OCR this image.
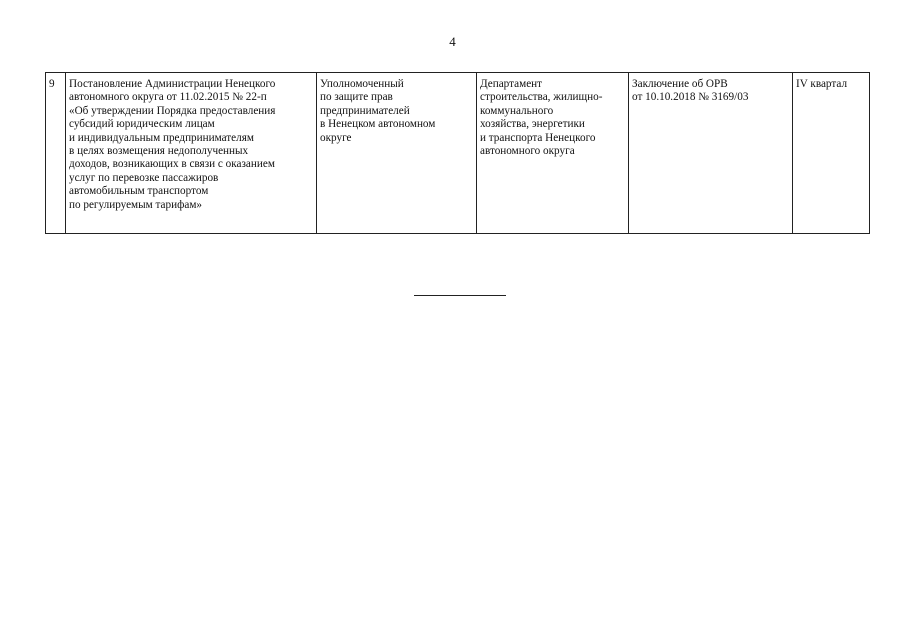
4
9	Постановление Администрации Ненецкого
автономного округа от 11.02.2015 № 22-п
«Об утверждении Порядка предоставления
субсидий юридическим лицам
и индивидуальным предпринимателям
в целях возмещения недополученных
доходов, возникающих в связи с оказанием
услуг по перевозке пассажиров
автомобильным транспортом
по регулируемым тарифам»	Уполномоченный
по защите прав
предпринимателей
в Ненецком автономном
округе	Департамент
строительства, жилищно-
коммунального
хозяйства, энергетики
и транспорта Ненецкого
автономного округа	Заключение об ОРВ
от 10.10.2018 № 3169/03	IV квартал
